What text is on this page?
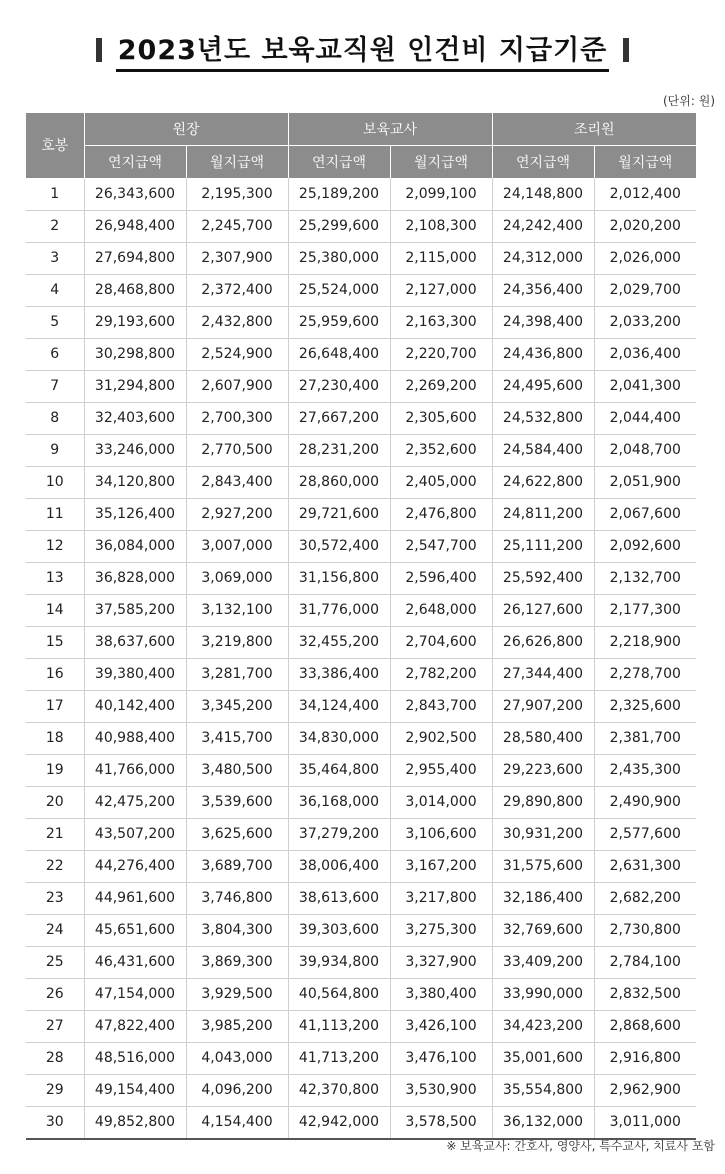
2023년도 보육교직원 인건비 지급기준
(단위: 원)
호봉	원장		보육교사		조리원	
	연지급액	월지급액	연지급액	월지급액	연지급액	월지급액
1	26,343,600	2,195,300	25,189,200	2,099,100	24,148,800	2,012,400
2	26,948,400	2,245,700	25,299,600	2,108,300	24,242,400	2,020,200
3	27,694,800	2,307,900	25,380,000	2,115,000	24,312,000	2,026,000
4	28,468,800	2,372,400	25,524,000	2,127,000	24,356,400	2,029,700
5	29,193,600	2,432,800	25,959,600	2,163,300	24,398,400	2,033,200
6	30,298,800	2,524,900	26,648,400	2,220,700	24,436,800	2,036,400
7	31,294,800	2,607,900	27,230,400	2,269,200	24,495,600	2,041,300
8	32,403,600	2,700,300	27,667,200	2,305,600	24,532,800	2,044,400
9	33,246,000	2,770,500	28,231,200	2,352,600	24,584,400	2,048,700
10	34,120,800	2,843,400	28,860,000	2,405,000	24,622,800	2,051,900
11	35,126,400	2,927,200	29,721,600	2,476,800	24,811,200	2,067,600
12	36,084,000	3,007,000	30,572,400	2,547,700	25,111,200	2,092,600
13	36,828,000	3,069,000	31,156,800	2,596,400	25,592,400	2,132,700
14	37,585,200	3,132,100	31,776,000	2,648,000	26,127,600	2,177,300
15	38,637,600	3,219,800	32,455,200	2,704,600	26,626,800	2,218,900
16	39,380,400	3,281,700	33,386,400	2,782,200	27,344,400	2,278,700
17	40,142,400	3,345,200	34,124,400	2,843,700	27,907,200	2,325,600
18	40,988,400	3,415,700	34,830,000	2,902,500	28,580,400	2,381,700
19	41,766,000	3,480,500	35,464,800	2,955,400	29,223,600	2,435,300
20	42,475,200	3,539,600	36,168,000	3,014,000	29,890,800	2,490,900
21	43,507,200	3,625,600	37,279,200	3,106,600	30,931,200	2,577,600
22	44,276,400	3,689,700	38,006,400	3,167,200	31,575,600	2,631,300
23	44,961,600	3,746,800	38,613,600	3,217,800	32,186,400	2,682,200
24	45,651,600	3,804,300	39,303,600	3,275,300	32,769,600	2,730,800
25	46,431,600	3,869,300	39,934,800	3,327,900	33,409,200	2,784,100
26	47,154,000	3,929,500	40,564,800	3,380,400	33,990,000	2,832,500
27	47,822,400	3,985,200	41,113,200	3,426,100	34,423,200	2,868,600
28	48,516,000	4,043,000	41,713,200	3,476,100	35,001,600	2,916,800
29	49,154,400	4,096,200	42,370,800	3,530,900	35,554,800	2,962,900
30	49,852,800	4,154,400	42,942,000	3,578,500	36,132,000	3,011,000
※ 보육교사: 간호사, 영양사, 특수교사, 치료사 포함
